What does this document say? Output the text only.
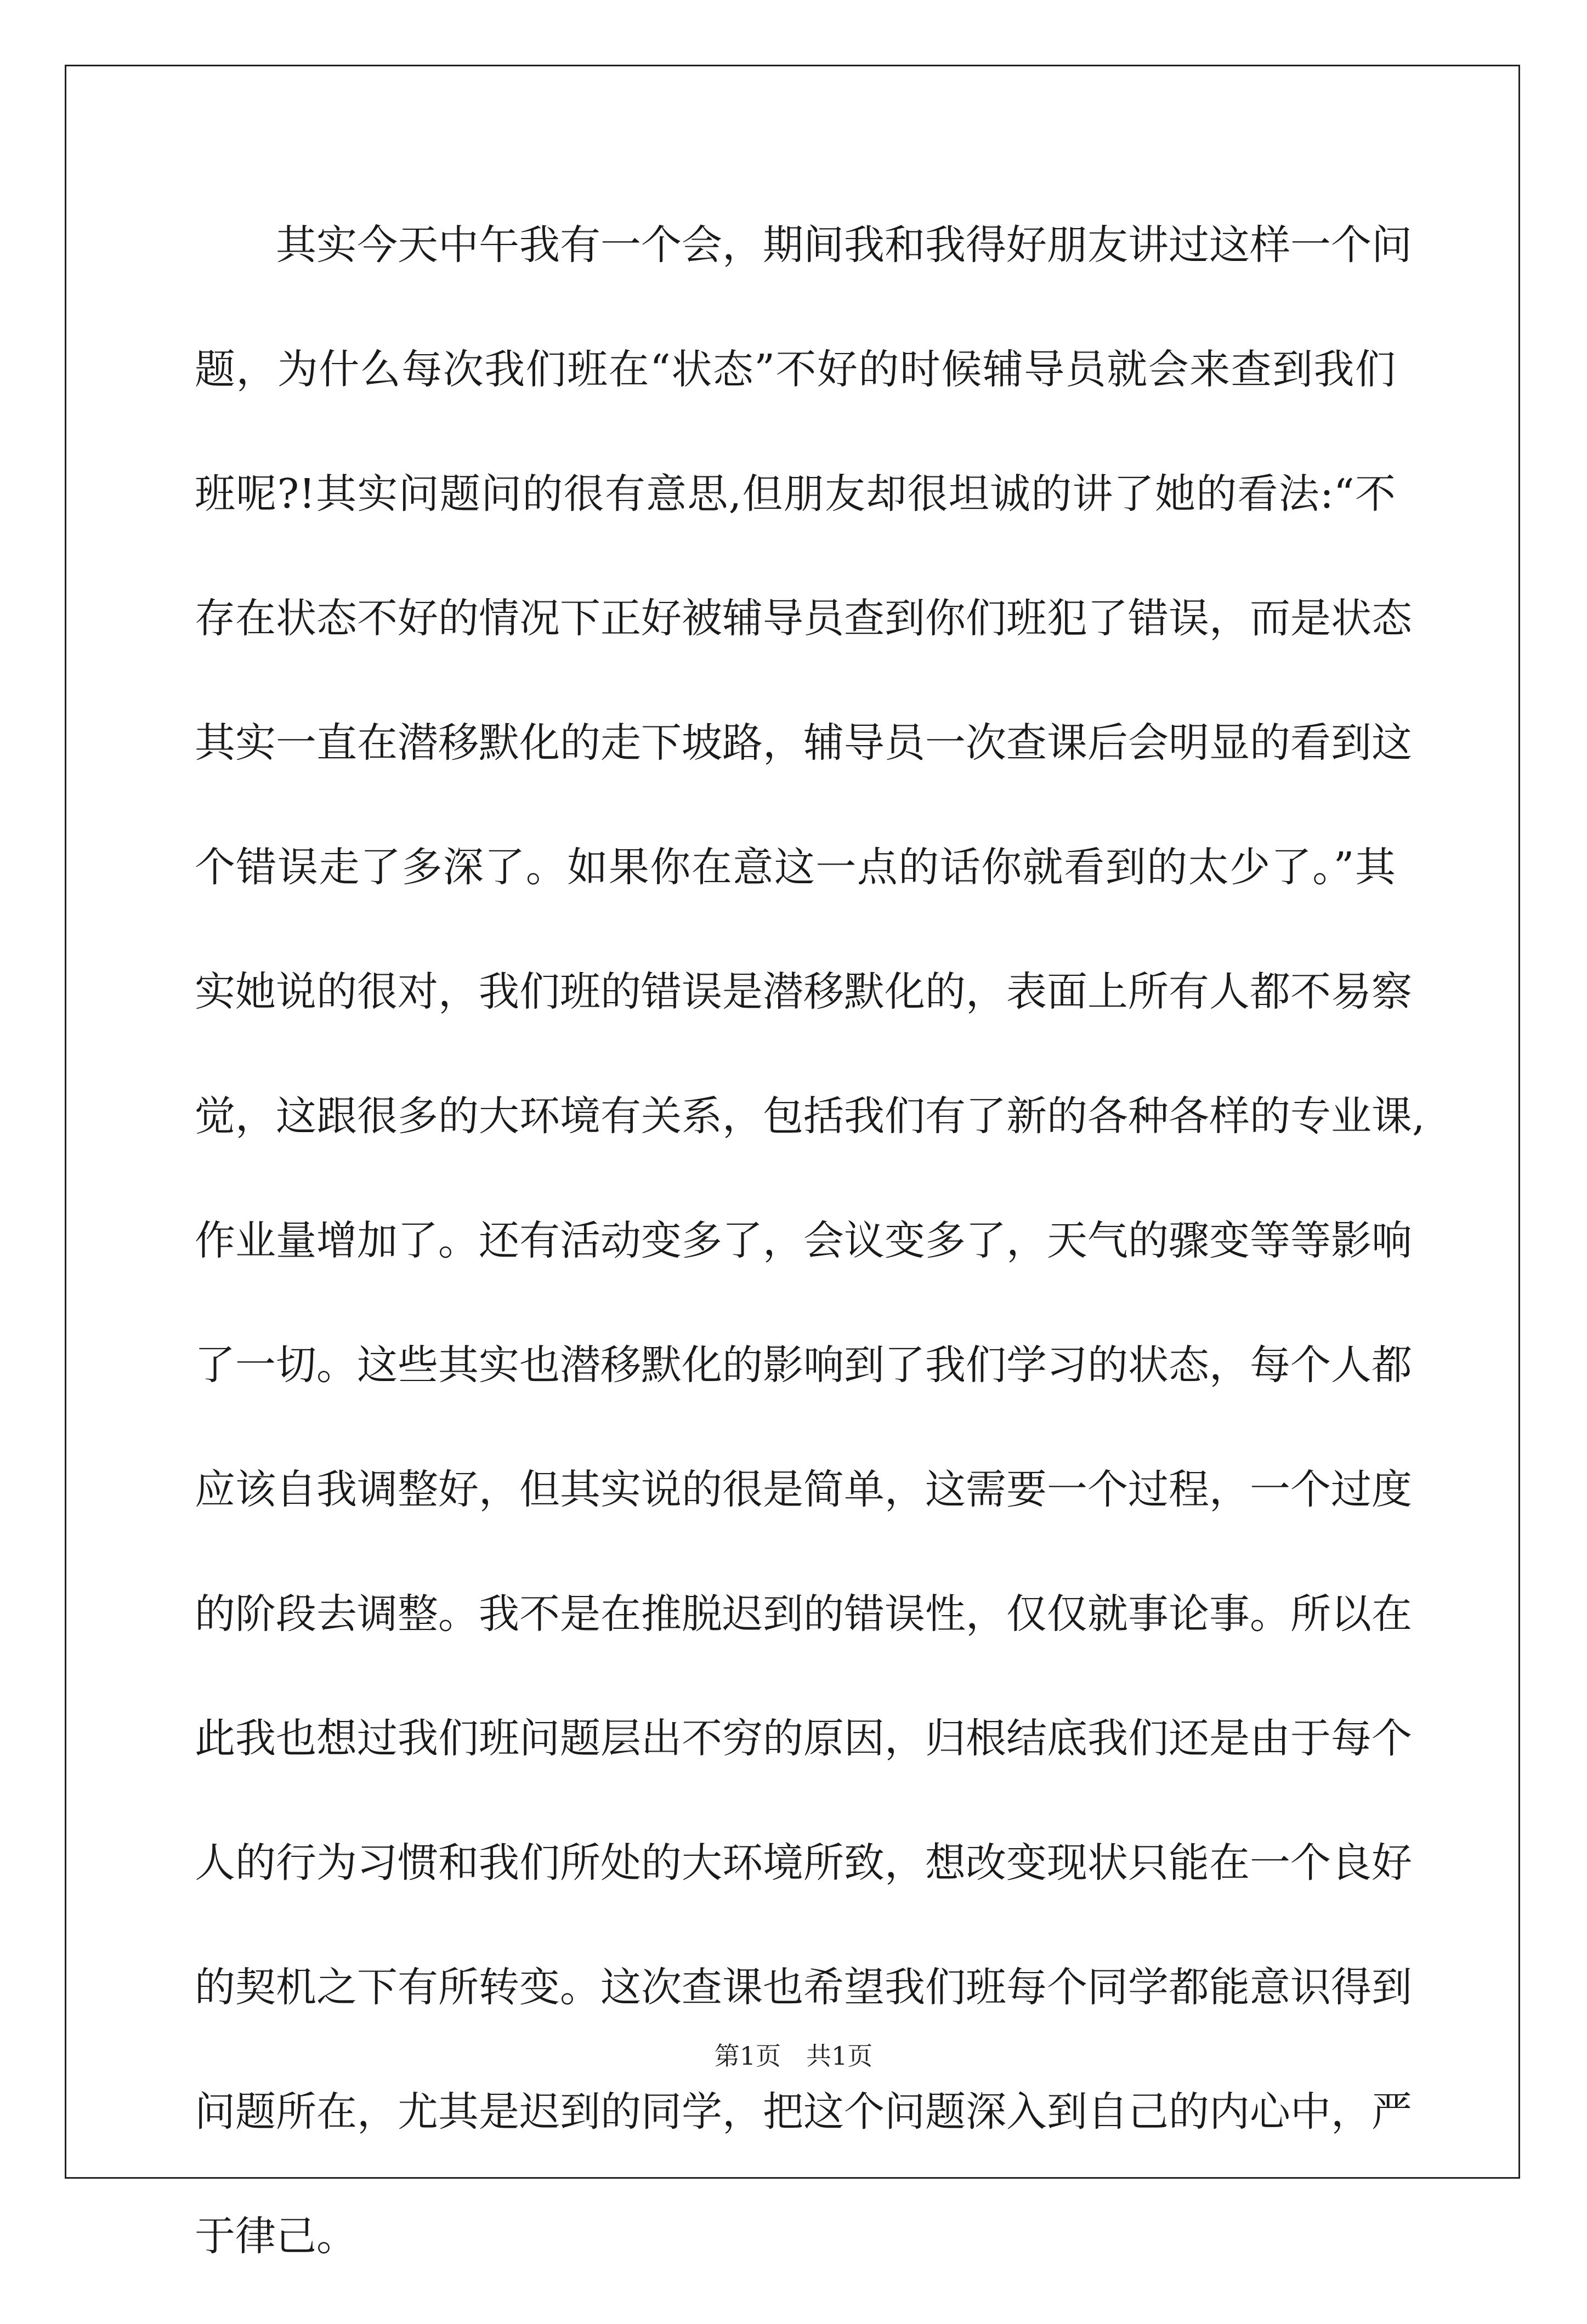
其实今天中午我有一个会，期间我和我得好朋友讲过这样一个问
题，为什么每次我们班在“状态”不好的时候辅导员就会来查到我们
班呢?!其实问题问的很有意思,但朋友却很坦诚的讲了她的看法:“不
存在状态不好的情况下正好被辅导员查到你们班犯了错误，而是状态
其实一直在潜移默化的走下坡路，辅导员一次查课后会明显的看到这
个错误走了多深了。如果你在意这一点的话你就看到的太少了。”其
实她说的很对，我们班的错误是潜移默化的，表面上所有人都不易察
觉，这跟很多的大环境有关系，包括我们有了新的各种各样的专业课,
作业量增加了。还有活动变多了，会议变多了，天气的骤变等等影响
了一切。这些其实也潜移默化的影响到了我们学习的状态，每个人都
应该自我调整好，但其实说的很是简单，这需要一个过程，一个过度
的阶段去调整。我不是在推脱迟到的错误性，仅仅就事论事。所以在
此我也想过我们班问题层出不穷的原因，归根结底我们还是由于每个
人的行为习惯和我们所处的大环境所致，想改变现状只能在一个良好
的契机之下有所转变。这次查课也希望我们班每个同学都能意识得到
问题所在，尤其是迟到的同学，把这个问题深入到自己的内心中，严
于律己。
第1页　共1页
